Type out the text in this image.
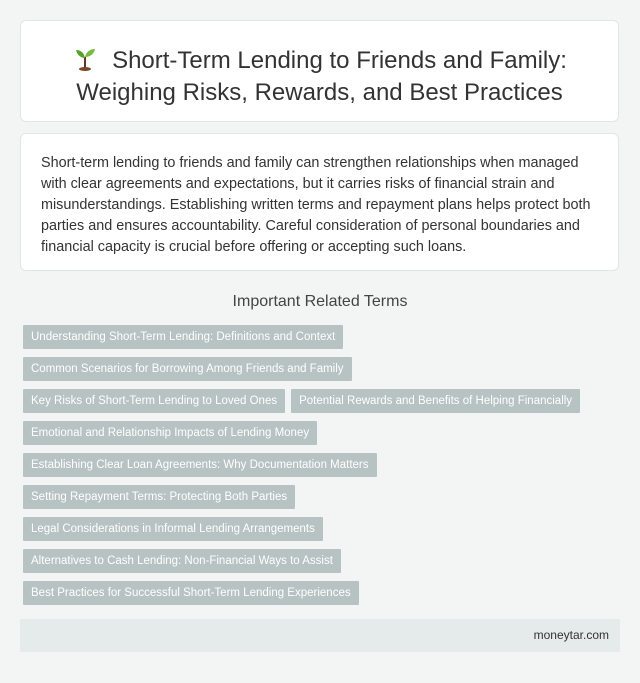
Short-Term Lending to Friends and Family:
Weighing Risks, Rewards, and Best Practices

Short-term lending to friends and family can strengthen relationships when managed with clear agreements and expectations, but it carries risks of financial strain and misunderstandings. Establishing written terms and repayment plans helps protect both parties and ensures accountability. Careful consideration of personal boundaries and financial capacity is crucial before offering or accepting such loans.

Important Related Terms
Understanding Short-Term Lending: Definitions and Context
Common Scenarios for Borrowing Among Friends and Family
Key Risks of Short-Term Lending to Loved Ones	Potential Rewards and Benefits of Helping Financially
Emotional and Relationship Impacts of Lending Money
Establishing Clear Loan Agreements: Why Documentation Matters
Setting Repayment Terms: Protecting Both Parties
Legal Considerations in Informal Lending Arrangements
Alternatives to Cash Lending: Non-Financial Ways to Assist
Best Practices for Successful Short-Term Lending Experiences
moneytar.com
